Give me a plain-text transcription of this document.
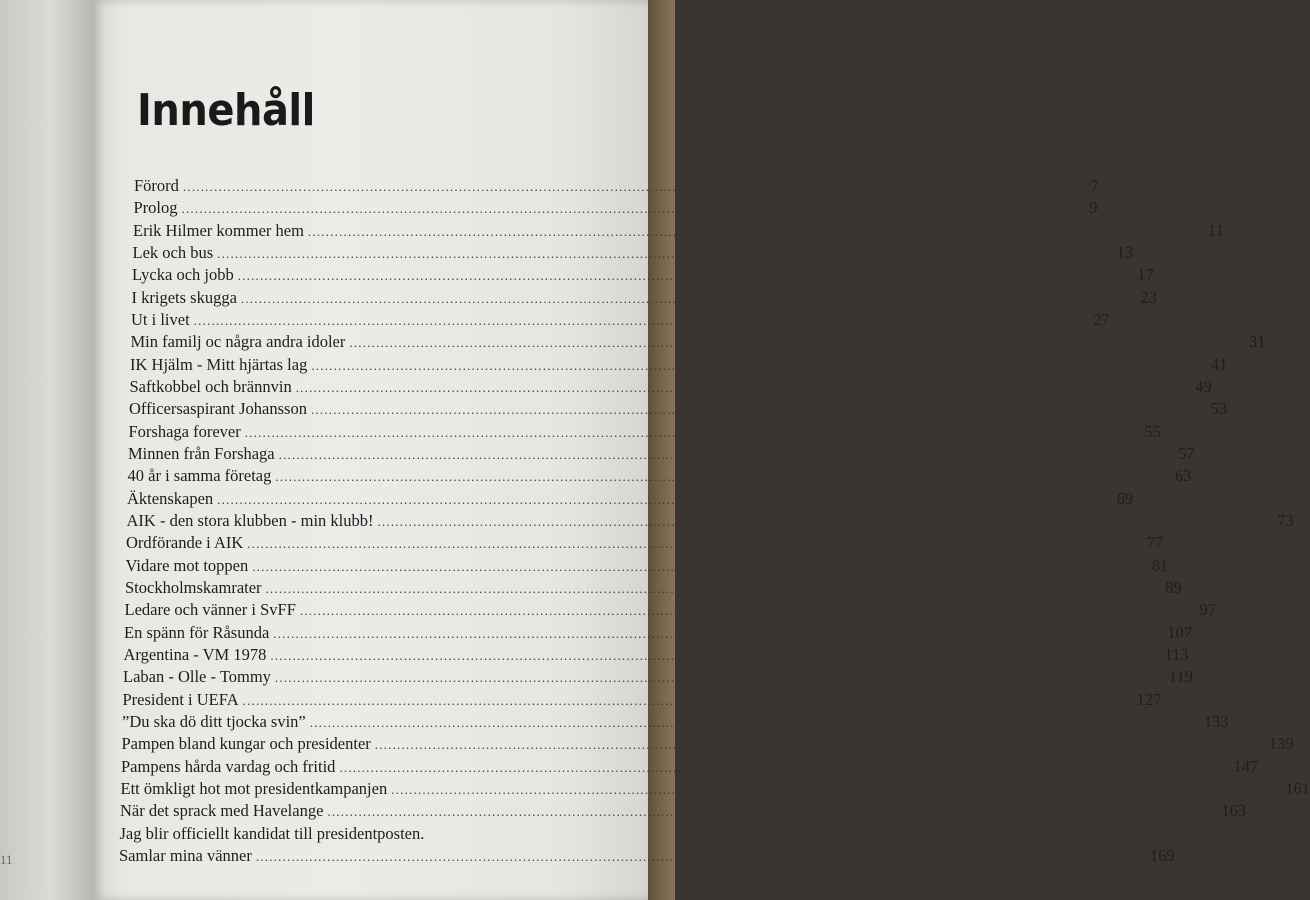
11
Innehåll
Förord ........................................................................................................................................................................................................	7
Prolog ........................................................................................................................................................................................................	9
Erik Hilmer kommer hem ........................................................................................................................................................................................................ 11
Lek och bus ........................................................................................................................................................................................................ 13
Lycka och jobb ........................................................................................................................................................................................................ 17
I krigets skugga ........................................................................................................................................................................................................ 23
Ut i livet ........................................................................................................................................................................................................ 27
Min familj oc några andra idoler ........................................................................................................................................................................................................ 31
IK Hjälm - Mitt hjärtas lag ........................................................................................................................................................................................................ 41
Saftkobbel och brännvin ........................................................................................................................................................................................................ 49
Officersaspirant Johansson ........................................................................................................................................................................................................ 53
Forshaga forever ........................................................................................................................................................................................................ 55
Minnen från Forshaga ........................................................................................................................................................................................................ 57
40 år i samma företag ........................................................................................................................................................................................................ 63
Äktenskapen ........................................................................................................................................................................................................ 69
AIK - den stora klubben - min klubb! ........................................................................................................................................................................................................ 73
Ordförande i AIK ........................................................................................................................................................................................................ 77
Vidare mot toppen ........................................................................................................................................................................................................ 81
Stockholmskamrater ........................................................................................................................................................................................................ 89
Ledare och vänner i SvFF ........................................................................................................................................................................................................ 97
En spänn för Råsunda ........................................................................................................................................................................................................ 107
Argentina - VM 1978 ........................................................................................................................................................................................................ 113
Laban - Olle - Tommy ........................................................................................................................................................................................................ 119
President i UEFA ........................................................................................................................................................................................................ 127
”Du ska dö ditt tjocka svin” ........................................................................................................................................................................................................ 133
Pampen bland kungar och presidenter ........................................................................................................................................................................................................ 139
Pampens hårda vardag och fritid ........................................................................................................................................................................................................ 147
Ett ömkligt hot mot presidentkampanjen ........................................................................................................................................................................................................ 161
När det sprack med Havelange ........................................................................................................................................................................................................ 163
Jag blir officiellt kandidat till presidentposten.
Samlar mina vänner ........................................................................................................................................................................................................ 169
